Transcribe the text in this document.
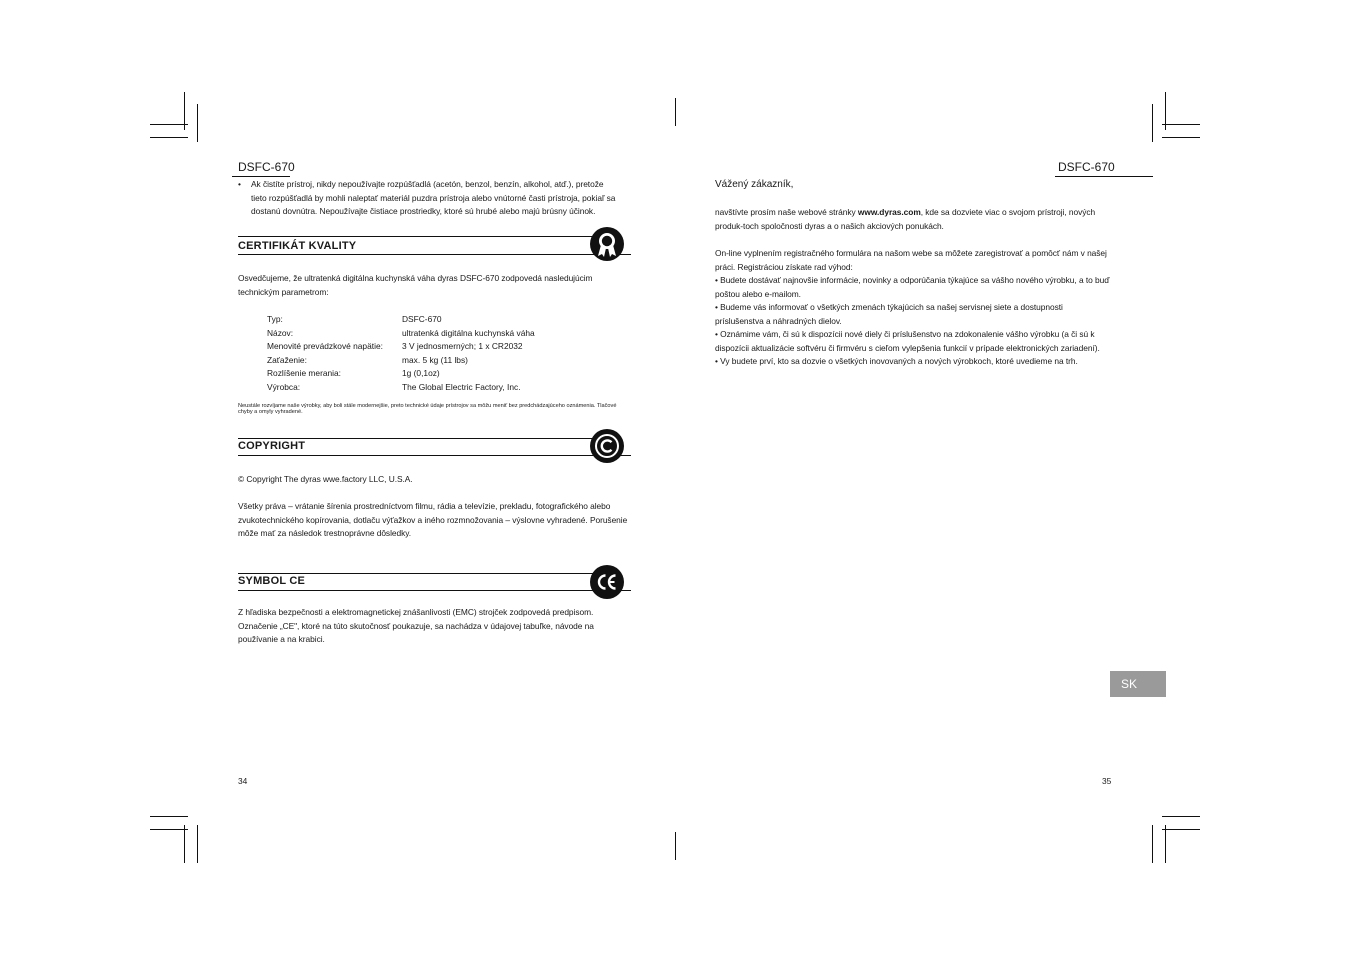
DSFC-670
• Ak čistíte prístroj, nikdy nepoužívajte rozpúšťadlá (acetón, benzol, benzín, alkohol, atď.), pretože tieto rozpúšťadlá by mohli naleptať materiál puzdra prístroja alebo vnútorné časti prístroja, pokiaľ sa dostanú dovnútra. Nepoužívajte čistiace prostriedky, ktoré sú hrubé alebo majú brúsny účinok.

CERTIFIKÁT KVALITY

Osvedčujeme, že ultratenká digitálna kuchynská váha dyras DSFC-670 zodpovedá nasledujúcim technickým parametrom:

Typ:	DSFC-670
Názov:	ultratenká digitálna kuchynská váha
Menovité prevádzkové napätie:	3 V jednosmerných; 1 x CR2032
Zaťaženie:	max. 5 kg (11 lbs)
Rozlíšenie merania:	1g (0,1oz)
Výrobca:	The Global Electric Factory, Inc.

Neustále rozvíjame naše výrobky, aby boli stále modernejšie, preto technické údaje prístrojov sa môžu meniť bez predchádzajúceho oznámenia. Tlačové chyby a omyly vyhradené.

COPYRIGHT

© Copyright The dyras wwe.factory LLC, U.S.A.

Všetky práva – vrátanie šírenia prostredníctvom filmu, rádia a televízie, prekladu, fotografického alebo zvukotechnického kopírovania, dotlaču výťažkov a iného rozmnožovania – výslovne vyhradené. Porušenie môže mať za následok trestnoprávne dôsledky.

SYMBOL CE

Z hľadiska bezpečnosti a elektromagnetickej znášanlivosti (EMC) strojček zodpovedá predpisom. Označenie „CE", ktoré na túto skutočnosť poukazuje, sa nachádza v údajovej tabuľke, návode na používanie a na krabici.

34
DSFC-670

Vážený zákazník,

navštívte prosím naše webové stránky www.dyras.com, kde sa dozviete viac o svojom prístroji, nových produk-toch spoločnosti dyras a o našich akciových ponukách.

On-line vyplnením registračného formulára na našom webe sa môžete zaregistrovať a pomôcť nám v našej práci. Registráciou získate rad výhod:

• Budete dostávať najnovšie informácie, novinky a odporúčania týkajúce sa vášho nového výrobku, a to buď poštou alebo e-mailom.

• Budeme vás informovať o všetkých zmenách týkajúcich sa našej servisnej siete a dostupnosti príslušenstva a náhradných dielov.

• Oznámime vám, či sú k dispozícii nové diely či príslušenstvo na zdokonalenie vášho výrobku (a či sú k dispozícii aktualizácie softvéru či firmvéru s cieľom vylepšenia funkcií v prípade elektronických zariadení).

• Vy budete prví, kto sa dozvie o všetkých inovovaných a nových výrobkoch, ktoré uvedieme na trh.

SK
35
